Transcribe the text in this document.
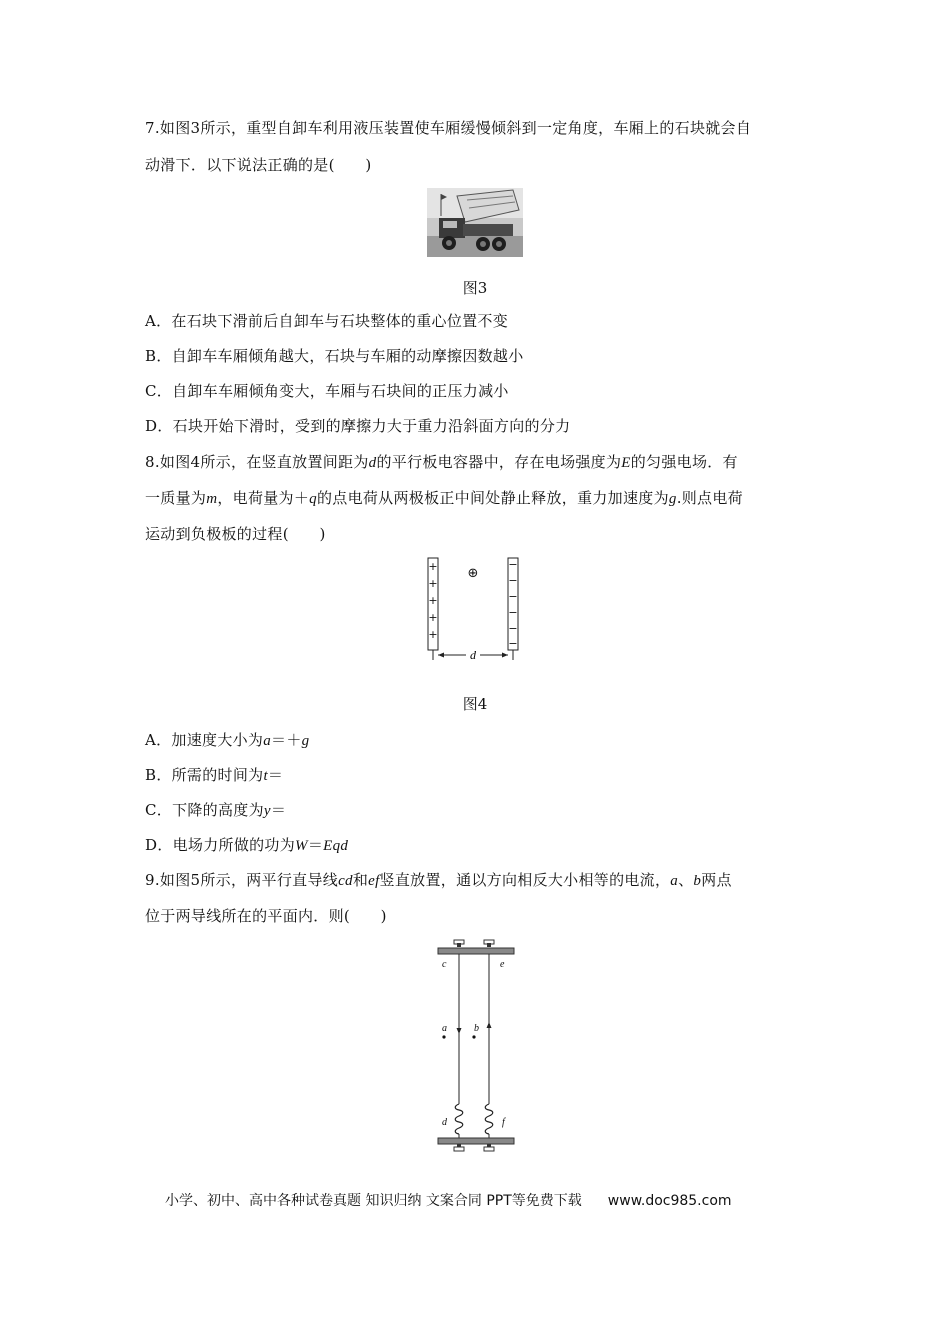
7.如图3所示，重型自卸车利用液压装置使车厢缓慢倾斜到一定角度，车厢上的石块就会自
动滑下．以下说法正确的是(　　)
图3
A．在石块下滑前后自卸车与石块整体的重心位置不变
B．自卸车车厢倾角越大，石块与车厢的动摩擦因数越小
C．自卸车车厢倾角变大，车厢与石块间的正压力减小
D．石块开始下滑时，受到的摩擦力大于重力沿斜面方向的分力
8.如图4所示，在竖直放置间距为d的平行板电容器中，存在电场强度为E的匀强电场．有
一质量为m，电荷量为＋q的点电荷从两极板正中间处静止释放，重力加速度为g.则点电荷
运动到负极板的过程(　　)
+
+
+
+
+
−
−
−
−
−
−
⊕
d
图4
A．加速度大小为a＝＋g
B．所需的时间为t＝
C．下降的高度为y＝
D．电场力所做的功为W＝Eqd
9.如图5所示，两平行直导线cd和ef竖直放置，通以方向相反大小相等的电流，a、b两点
位于两导线所在的平面内．则(　　)
c	e
a	b
d	f
小学、初中、高中各种试卷真题 知识归纳 文案合同 PPT等免费下载 www.doc985.com
